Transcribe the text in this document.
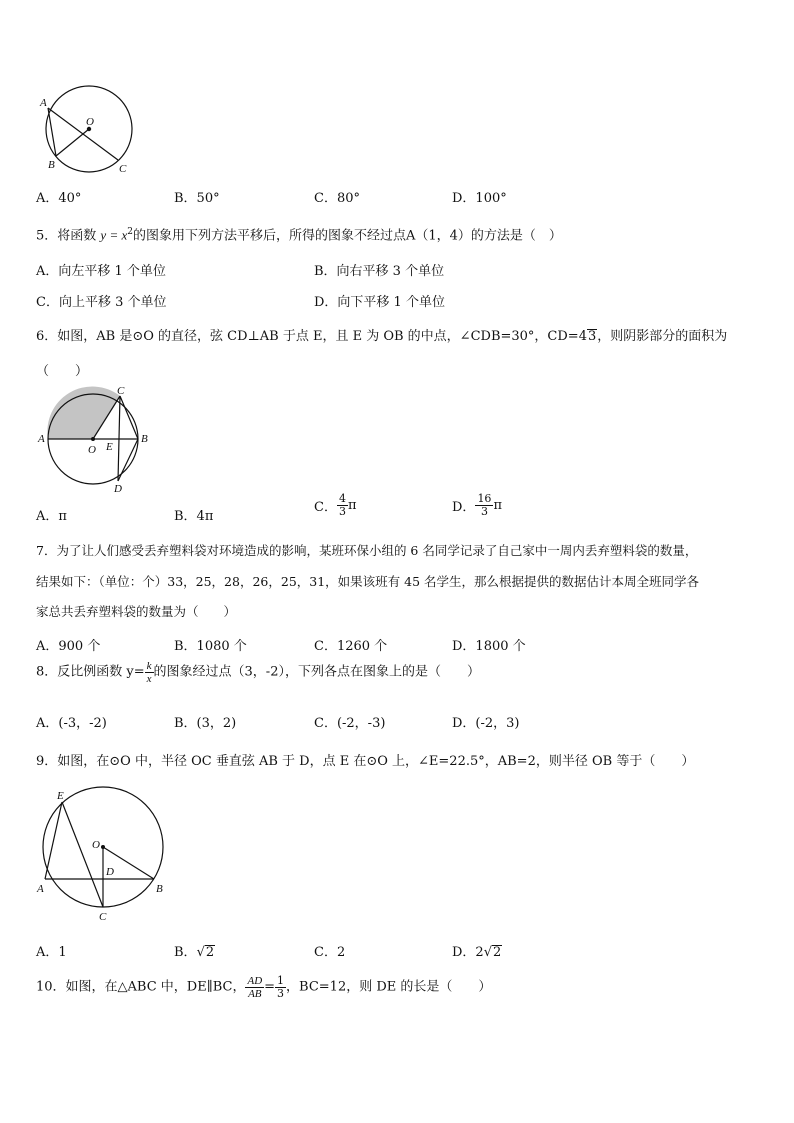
A
O
B	C
A．40°	B．50°	C．80°	D．100°
5．将函数 $y = x^2$的图象用下列方法平移后，所得的图象不经过点A（1，4）的方法是（　）
A．向左平移 1 个单位	B．向右平移 3 个单位
C．向上平移 3 个单位	D．向下平移 1 个单位
6．如图，AB 是⊙O 的直径，弦 CD⊥AB 于点 E，且 E 为 OB 的中点，∠CDB=30°，CD=43，则阴影部分的面积为
（　　）
A
O E
B
C
D
A．π	B．4π
C． $\frac{4}{3}$ π	D． $\frac{16}{3}$ π
7．为了让人们感受丢弃塑料袋对环境造成的影响，某班环保小组的 6 名同学记录了自己家中一周内丢弃塑料袋的数量，
结果如下：（单位：个）33，25，28，26，25，31，如果该班有 45 名学生，那么根据提供的数据估计本周全班同学各
家总共丢弃塑料袋的数量为（　　）
A．900 个	B．1080 个	C．1260 个	D．1800 个
8．反比例函数 $y= \frac{k}{x}$ 的图象经过点（3，-2），下列各点在图象上的是（　　）
A．(-3，-2)	B．(3，2)	C．(-2，-3)	D．(-2，3)
9．如图，在⊙O 中，半径 OC 垂直弦 AB 于 D，点 E 在⊙O 上，∠E=22.5°，AB=2，则半径 OB 等于（　　）
E
O
D
A	B
C
A．1	B．√2	C．2	D．2√2
10．如图，在△ABC 中，DE∥BC， $\frac{AD}{AB} = \frac{1}{3}$ ，BC=12，则 DE 的长是（　　）
